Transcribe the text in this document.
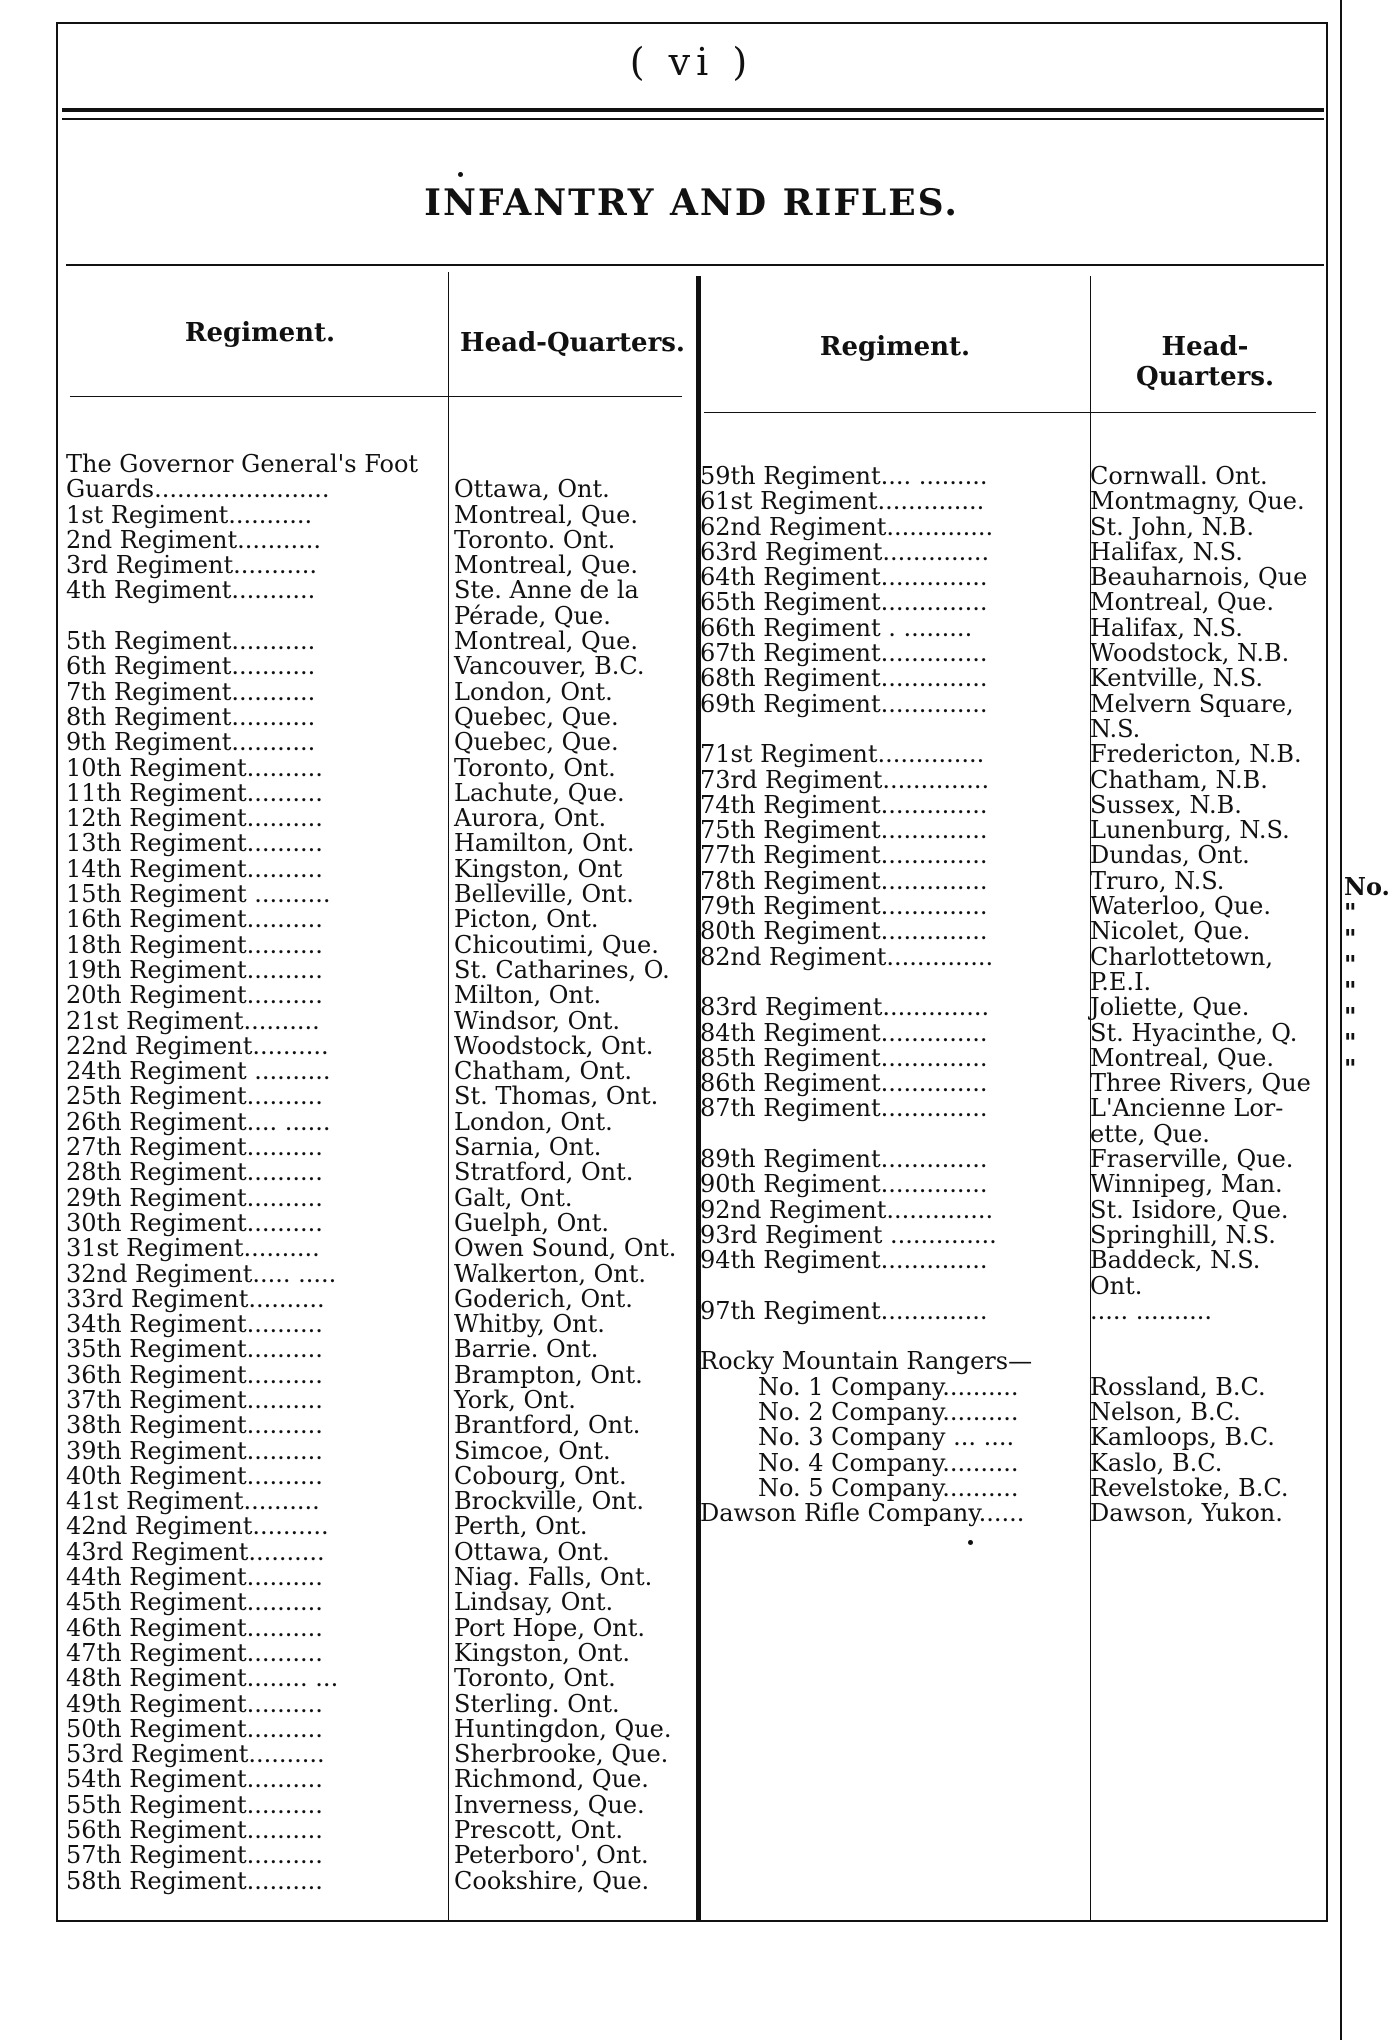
( vi )
INFANTRY AND RIFLES.
Regiment.	Head-Quarters.	Regiment.	Head-Quarters.
The Governor General's Foot
Guards.......................	Ottawa, Ont.
1st Regiment...........	Montreal, Que.
2nd Regiment...........	Toronto. Ont.
3rd Regiment...........	Montreal, Que.
4th Regiment...........	Ste. Anne de la
Pérade, Que.
5th Regiment...........	Montreal, Que.
6th Regiment...........	Vancouver, B.C.
7th Regiment...........	London, Ont.
8th Regiment...........	Quebec, Que.
9th Regiment...........	Quebec, Que.
10th Regiment..........	Toronto, Ont.
11th Regiment..........	Lachute, Que.
12th Regiment..........	Aurora, Ont.
13th Regiment..........	Hamilton, Ont.
14th Regiment..........	Kingston, Ont
15th Regiment ..........	Belleville, Ont.
16th Regiment..........	Picton, Ont.
18th Regiment..........	Chicoutimi, Que.
19th Regiment..........	St. Catharines, O.
20th Regiment..........	Milton, Ont.
21st Regiment..........	Windsor, Ont.
22nd Regiment..........	Woodstock, Ont.
24th Regiment ..........	Chatham, Ont.
25th Regiment..........	St. Thomas, Ont.
26th Regiment.... ......	London, Ont.
27th Regiment..........	Sarnia, Ont.
28th Regiment..........	Stratford, Ont.
29th Regiment..........	Galt, Ont.
30th Regiment..........	Guelph, Ont.
31st Regiment..........	Owen Sound, Ont.
32nd Regiment..... .....	Walkerton, Ont.
33rd Regiment..........	Goderich, Ont.
34th Regiment..........	Whitby, Ont.
35th Regiment..........	Barrie. Ont.
36th Regiment..........	Brampton, Ont.
37th Regiment..........	York, Ont.
38th Regiment..........	Brantford, Ont.
39th Regiment..........	Simcoe, Ont.
40th Regiment..........	Cobourg, Ont.
41st Regiment..........	Brockville, Ont.
42nd Regiment..........	Perth, Ont.
43rd Regiment..........	Ottawa, Ont.
44th Regiment..........	Niag. Falls, Ont.
45th Regiment..........	Lindsay, Ont.
46th Regiment..........	Port Hope, Ont.
47th Regiment..........	Kingston, Ont.
48th Regiment........ ...	Toronto, Ont.
49th Regiment..........	Sterling. Ont.
50th Regiment..........	Huntingdon, Que.
53rd Regiment..........	Sherbrooke, Que.
54th Regiment..........	Richmond, Que.
55th Regiment..........	Inverness, Que.
56th Regiment..........	Prescott, Ont.
57th Regiment..........	Peterboro', Ont.
58th Regiment..........	Cookshire, Que.
59th Regiment.... .........	Cornwall. Ont.
61st Regiment..............	Montmagny, Que.
62nd Regiment..............	St. John, N.B.
63rd Regiment..............	Halifax, N.S.
64th Regiment..............	Beauharnois, Que
65th Regiment..............	Montreal, Que.
66th Regiment . .........	Halifax, N.S.
67th Regiment..............	Woodstock, N.B.
68th Regiment..............	Kentville, N.S.
69th Regiment..............	Melvern Square,
N.S.
71st Regiment..............	Fredericton, N.B.
73rd Regiment..............	Chatham, N.B.
74th Regiment..............	Sussex, N.B.
75th Regiment..............	Lunenburg, N.S.
77th Regiment..............	Dundas, Ont.
78th Regiment..............	Truro, N.S.
79th Regiment..............	Waterloo, Que.
80th Regiment..............	Nicolet, Que.
82nd Regiment..............	Charlottetown,
P.E.I.
83rd Regiment..............	Joliette, Que.
84th Regiment..............	St. Hyacinthe, Q.
85th Regiment..............	Montreal, Que.
86th Regiment..............	Three Rivers, Que
87th Regiment..............	L'Ancienne Lor-
ette, Que.
89th Regiment..............	Fraserville, Que.
90th Regiment..............	Winnipeg, Man.
92nd Regiment..............	St. Isidore, Que.
93rd Regiment ..............	Springhill, N.S.
94th Regiment..............	Baddeck, N.S.
Ont.
97th Regiment..............	..... ..........
Rocky Mountain Rangers—
No. 1 Company..........	Rossland, B.C.
No. 2 Company..........	Nelson, B.C.
No. 3 Company ... ....	Kamloops, B.C.
No. 4 Company..........	Kaslo, B.C.
No. 5 Company..........	Revelstoke, B.C.
Dawson Rifle Company......	Dawson, Yukon.
No.
"
"
"
"
"
"
"
